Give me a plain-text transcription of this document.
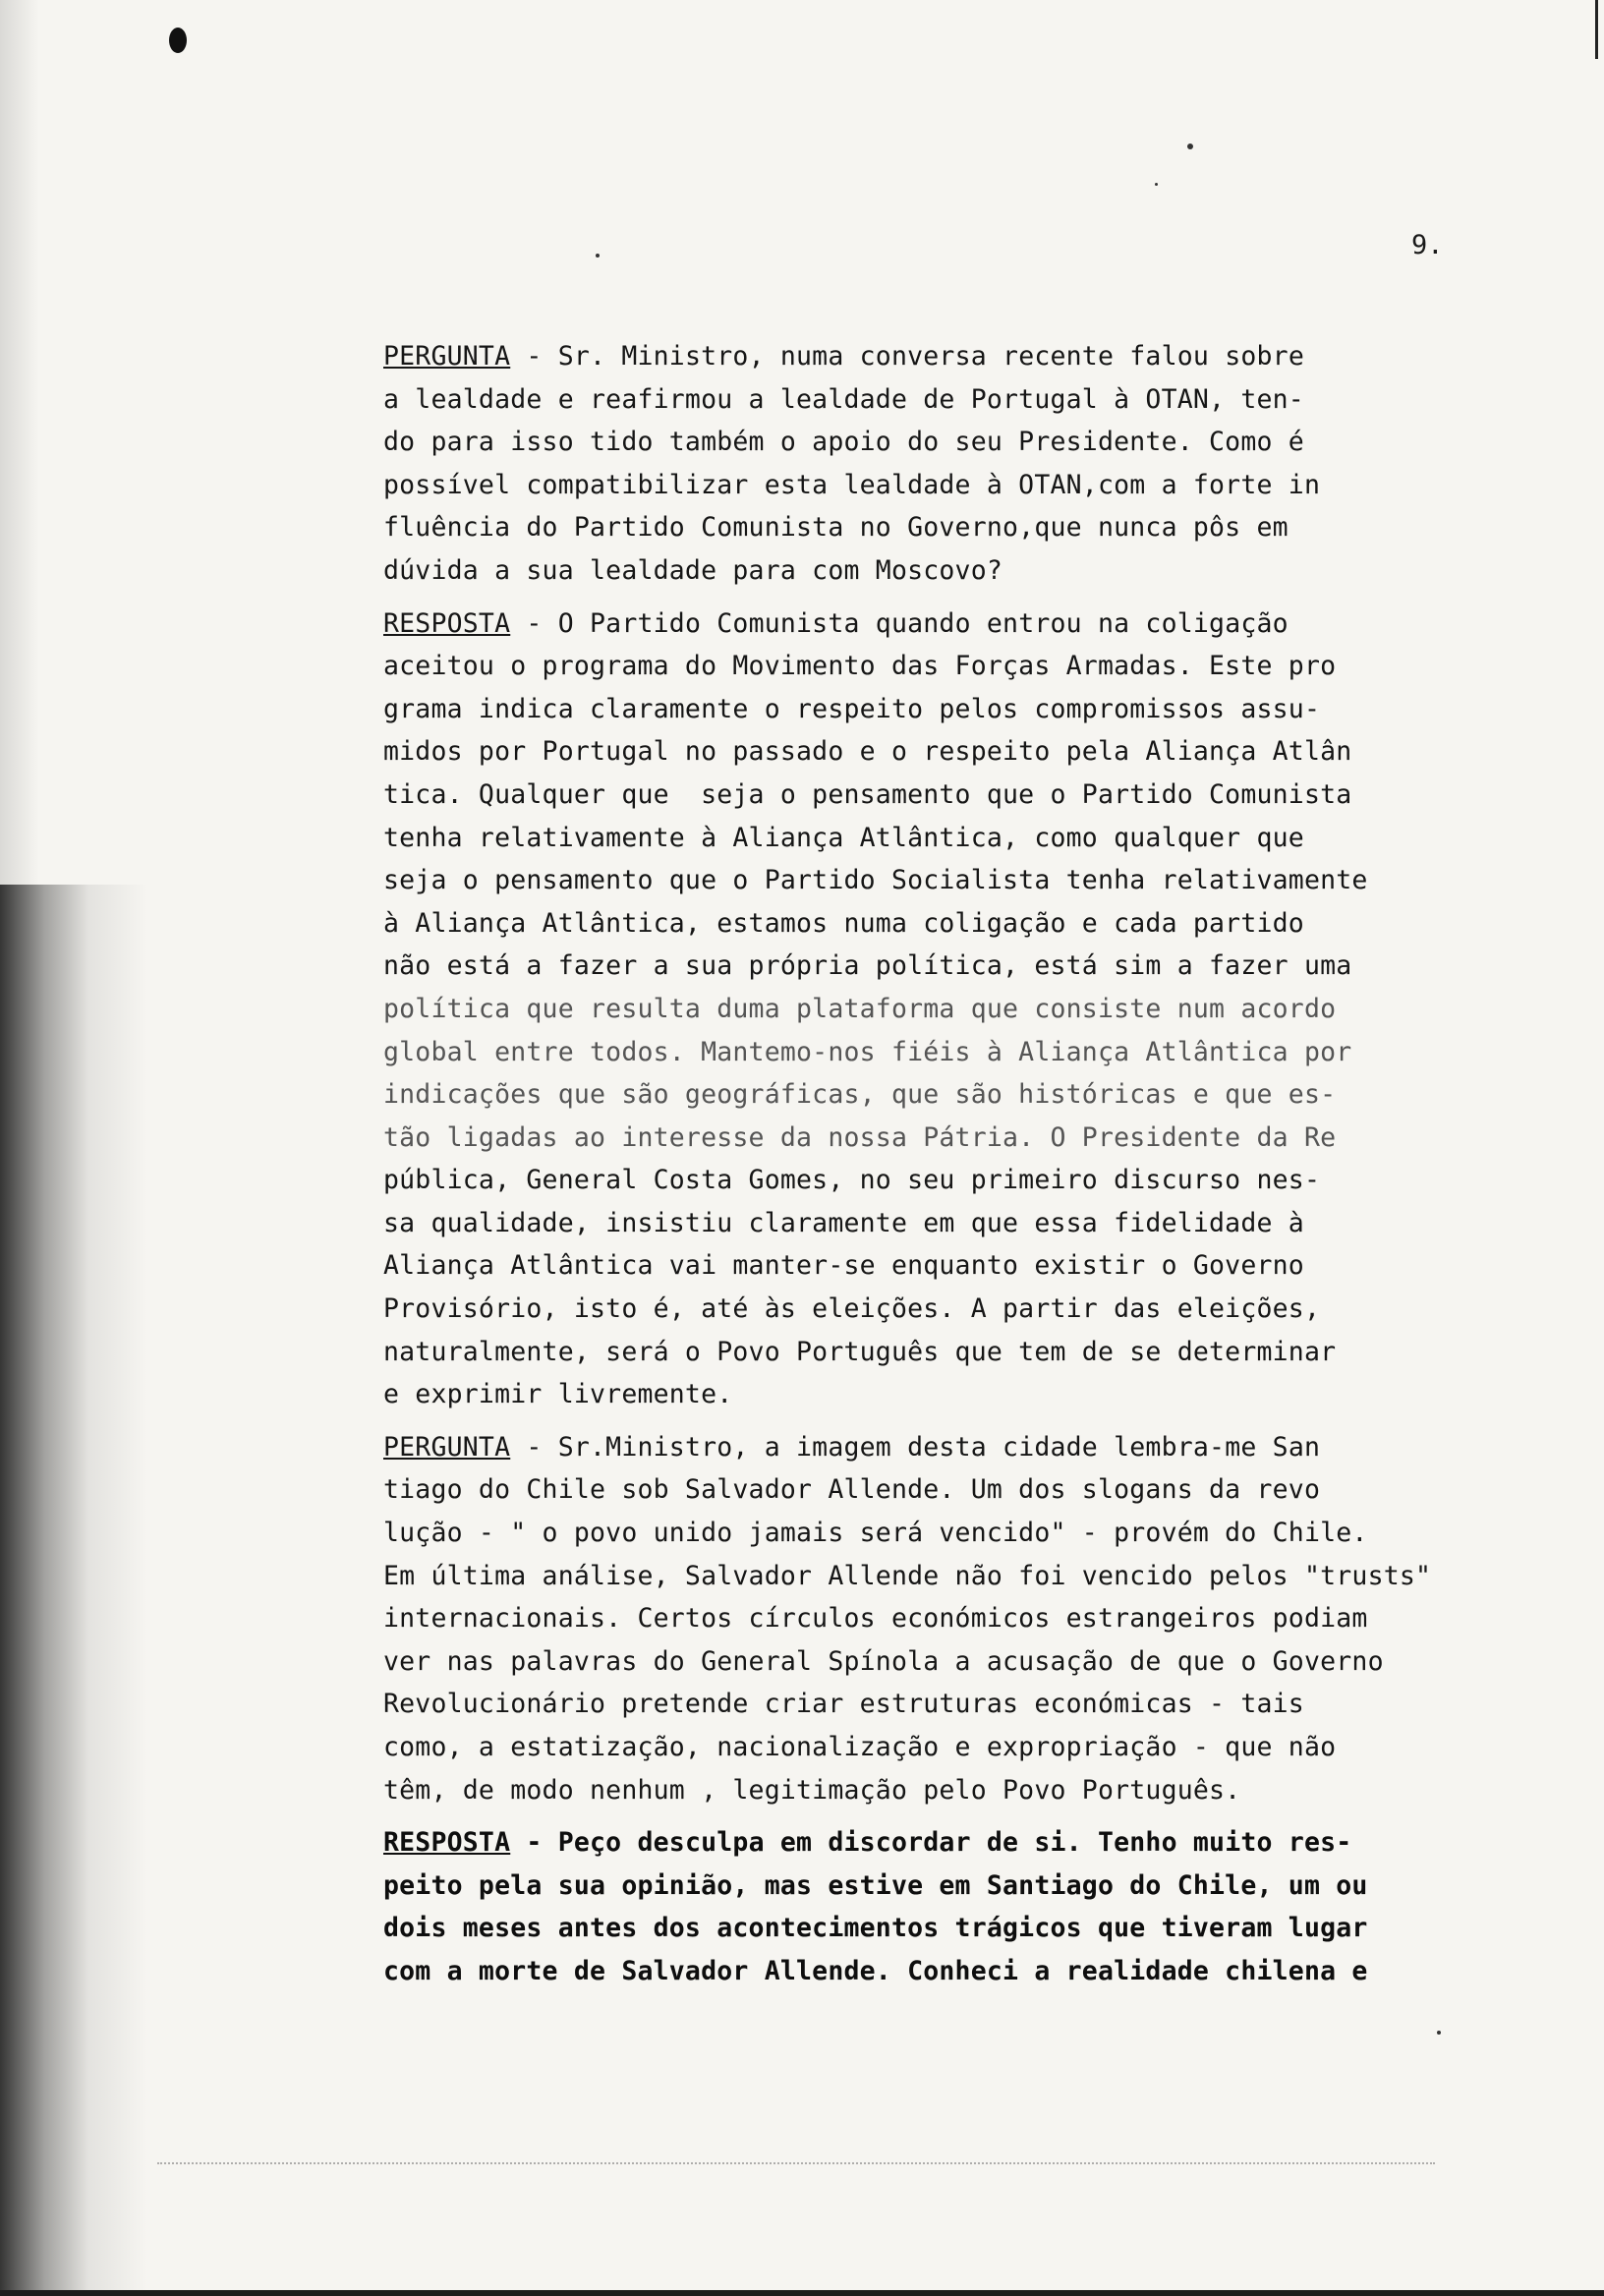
9.
PERGUNTA - Sr. Ministro, numa conversa recente falou sobre
a lealdade e reafirmou a lealdade de Portugal à OTAN, ten-
do para isso tido também o apoio do seu Presidente. Como é
possível compatibilizar esta lealdade à OTAN,com a forte in
fluência do Partido Comunista no Governo,que nunca pôs em
dúvida a sua lealdade para com Moscovo?
RESPOSTA - O Partido Comunista quando entrou na coligação
aceitou o programa do Movimento das Forças Armadas. Este pro
grama indica claramente o respeito pelos compromissos assu-
midos por Portugal no passado e o respeito pela Aliança Atlân
tica. Qualquer que  seja o pensamento que o Partido Comunista
tenha relativamente à Aliança Atlântica, como qualquer que
seja o pensamento que o Partido Socialista tenha relativamente
à Aliança Atlântica, estamos numa coligação e cada partido
não está a fazer a sua própria política, está sim a fazer uma
política que resulta duma plataforma que consiste num acordo
global entre todos. Mantemo-nos fiéis à Aliança Atlântica por
indicações que são geográficas, que são históricas e que es-
tão ligadas ao interesse da nossa Pátria. O Presidente da Re
pública, General Costa Gomes, no seu primeiro discurso nes-
sa qualidade, insistiu claramente em que essa fidelidade à
Aliança Atlântica vai manter-se enquanto existir o Governo
Provisório, isto é, até às eleições. A partir das eleições,
naturalmente, será o Povo Português que tem de se determinar
e exprimir livremente.
PERGUNTA - Sr.Ministro, a imagem desta cidade lembra-me San
tiago do Chile sob Salvador Allende. Um dos slogans da revo
lução - " o povo unido jamais será vencido" - provém do Chile.
Em última análise, Salvador Allende não foi vencido pelos "trusts"
internacionais. Certos círculos económicos estrangeiros podiam
ver nas palavras do General Spínola a acusação de que o Governo
Revolucionário pretende criar estruturas económicas - tais
como, a estatização, nacionalização e expropriação - que não
têm, de modo nenhum , legitimação pelo Povo Português.
RESPOSTA - Peço desculpa em discordar de si. Tenho muito res-
peito pela sua opinião, mas estive em Santiago do Chile, um ou
dois meses antes dos acontecimentos trágicos que tiveram lugar
com a morte de Salvador Allende. Conheci a realidade chilena e
